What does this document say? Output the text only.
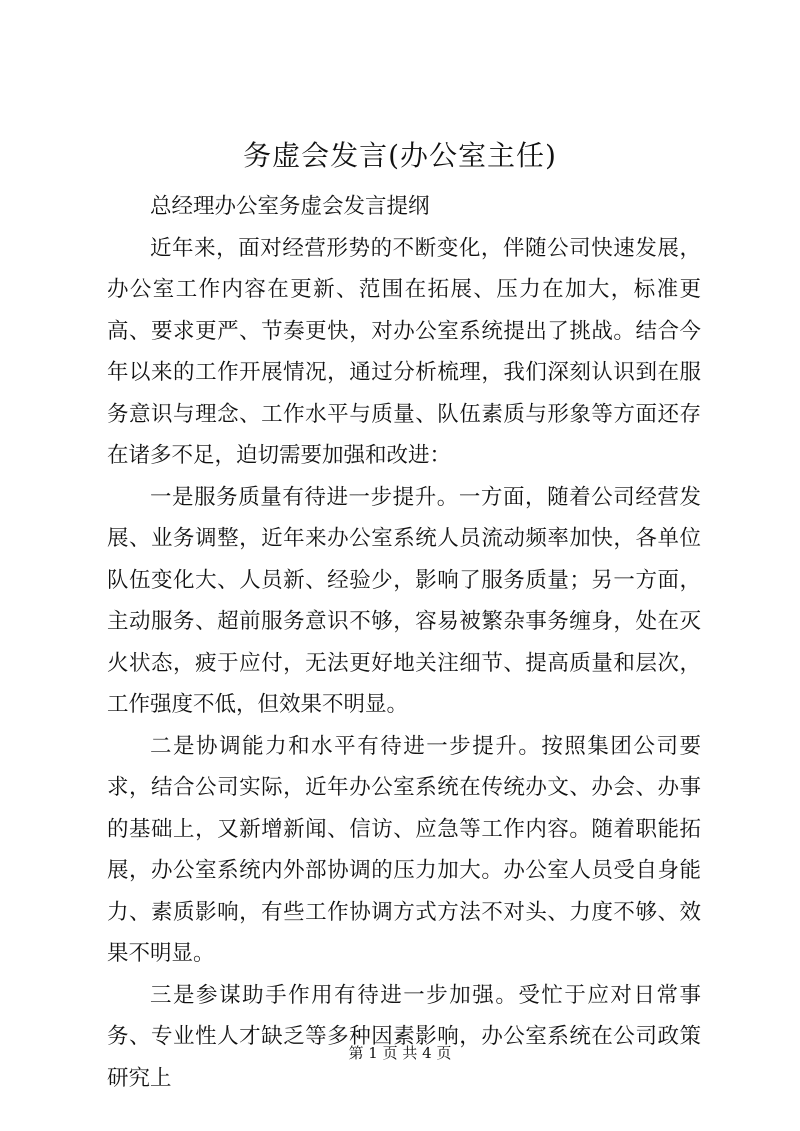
务虚会发言(办公室主任)

总经理办公室务虚会发言提纲

近年来，面对经营形势的不断变化，伴随公司快速发展，办公室工作内容在更新、范围在拓展、压力在加大，标准更高、要求更严、节奏更快，对办公室系统提出了挑战。结合今年以来的工作开展情况，通过分析梳理，我们深刻认识到在服务意识与理念、工作水平与质量、队伍素质与形象等方面还存在诸多不足，迫切需要加强和改进：

一是服务质量有待进一步提升。一方面，随着公司经营发展、业务调整，近年来办公室系统人员流动频率加快，各单位队伍变化大、人员新、经验少，影响了服务质量；另一方面，主动服务、超前服务意识不够，容易被繁杂事务缠身，处在灭火状态，疲于应付，无法更好地关注细节、提高质量和层次，工作强度不低，但效果不明显。

二是协调能力和水平有待进一步提升。按照集团公司要求，结合公司实际，近年办公室系统在传统办文、办会、办事的基础上，又新增新闻、信访、应急等工作内容。随着职能拓展，办公室系统内外部协调的压力加大。办公室人员受自身能力、素质影响，有些工作协调方式方法不对头、力度不够、效果不明显。

三是参谋助手作用有待进一步加强。受忙于应对日常事务、专业性人才缺乏等多种因素影响，办公室系统在公司政策研究上

第 1 页 共 4 页
